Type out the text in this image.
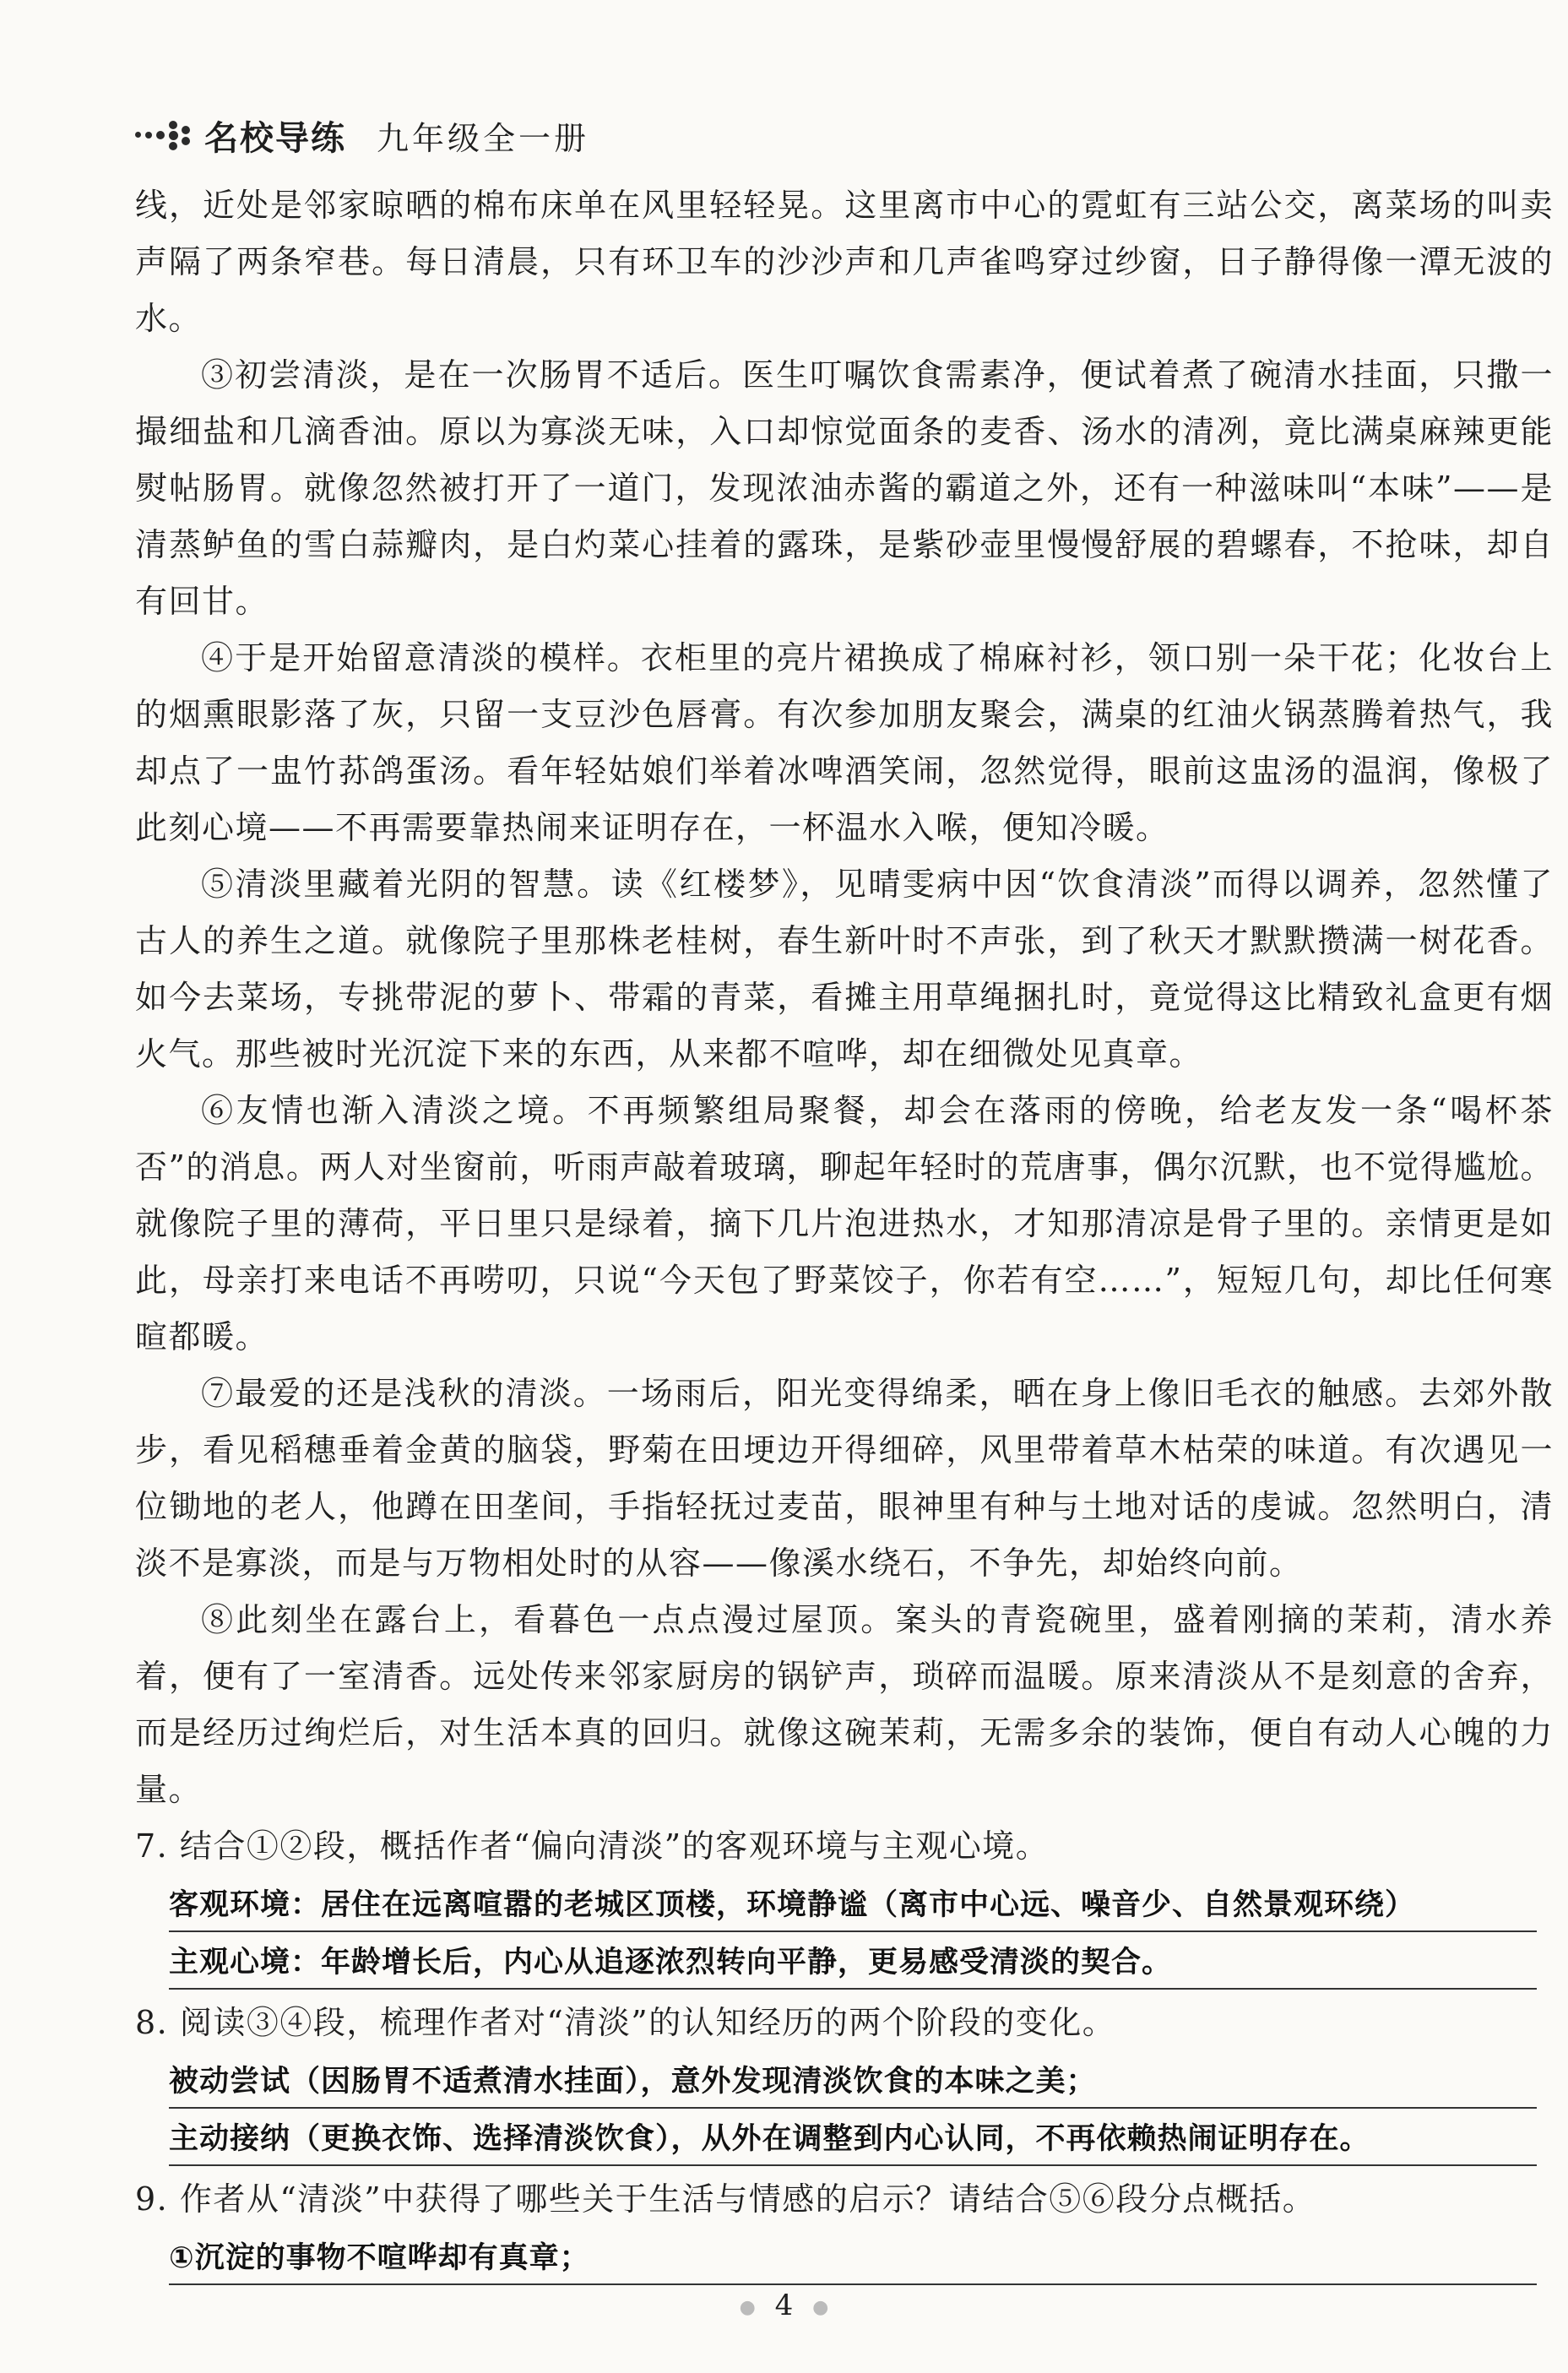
名校导练 九年级全一册

线，近处是邻家晾晒的棉布床单在风里轻轻晃。这里离市中心的霓虹有三站公交，离菜场的叫卖声隔了两条窄巷。每日清晨，只有环卫车的沙沙声和几声雀鸣穿过纱窗，日子静得像一潭无波的水。

③初尝清淡，是在一次肠胃不适后。医生叮嘱饮食需素净，便试着煮了碗清水挂面，只撒一撮细盐和几滴香油。原以为寡淡无味，入口却惊觉面条的麦香、汤水的清冽，竟比满桌麻辣更能熨帖肠胃。就像忽然被打开了一道门，发现浓油赤酱的霸道之外，还有一种滋味叫“本味”——是清蒸鲈鱼的雪白蒜瓣肉，是白灼菜心挂着的露珠，是紫砂壶里慢慢舒展的碧螺春，不抢味，却自有回甘。

④于是开始留意清淡的模样。衣柜里的亮片裙换成了棉麻衬衫，领口别一朵干花；化妆台上的烟熏眼影落了灰，只留一支豆沙色唇膏。有次参加朋友聚会，满桌的红油火锅蒸腾着热气，我却点了一盅竹荪鸽蛋汤。看年轻姑娘们举着冰啤酒笑闹，忽然觉得，眼前这盅汤的温润，像极了此刻心境——不再需要靠热闹来证明存在，一杯温水入喉，便知冷暖。

⑤清淡里藏着光阴的智慧。读《红楼梦》，见晴雯病中因“饮食清淡”而得以调养，忽然懂了古人的养生之道。就像院子里那株老桂树，春生新叶时不声张，到了秋天才默默攒满一树花香。如今去菜场，专挑带泥的萝卜、带霜的青菜，看摊主用草绳捆扎时，竟觉得这比精致礼盒更有烟火气。那些被时光沉淀下来的东西，从来都不喧哗，却在细微处见真章。

⑥友情也渐入清淡之境。不再频繁组局聚餐，却会在落雨的傍晚，给老友发一条“喝杯茶否”的消息。两人对坐窗前，听雨声敲着玻璃，聊起年轻时的荒唐事，偶尔沉默，也不觉得尴尬。就像院子里的薄荷，平日里只是绿着，摘下几片泡进热水，才知那清凉是骨子里的。亲情更是如此，母亲打来电话不再唠叨，只说“今天包了野菜饺子，你若有空……”，短短几句，却比任何寒暄都暖。

⑦最爱的还是浅秋的清淡。一场雨后，阳光变得绵柔，晒在身上像旧毛衣的触感。去郊外散步，看见稻穗垂着金黄的脑袋，野菊在田埂边开得细碎，风里带着草木枯荣的味道。有次遇见一位锄地的老人，他蹲在田垄间，手指轻抚过麦苗，眼神里有种与土地对话的虔诚。忽然明白，清淡不是寡淡，而是与万物相处时的从容——像溪水绕石，不争先，却始终向前。

⑧此刻坐在露台上，看暮色一点点漫过屋顶。案头的青瓷碗里，盛着刚摘的茉莉，清水养着，便有了一室清香。远处传来邻家厨房的锅铲声，琐碎而温暖。原来清淡从不是刻意的舍弃，而是经历过绚烂后，对生活本真的回归。就像这碗茉莉，无需多余的装饰，便自有动人心魄的力量。

7. 结合①②段，概括作者“偏向清淡”的客观环境与主观心境。

客观环境：居住在远离喧嚣的老城区顶楼，环境静谧（离市中心远、噪音少、自然景观环绕）
主观心境：年龄增长后，内心从追逐浓烈转向平静，更易感受清淡的契合。

8. 阅读③④段，梳理作者对“清淡”的认知经历的两个阶段的变化。

被动尝试（因肠胃不适煮清水挂面），意外发现清淡饮食的本味之美；
主动接纳（更换衣饰、选择清淡饮食），从外在调整到内心认同，不再依赖热闹证明存在。

9. 作者从“清淡”中获得了哪些关于生活与情感的启示？请结合⑤⑥段分点概括。

①沉淀的事物不喧哗却有真章；
● 4 ●
